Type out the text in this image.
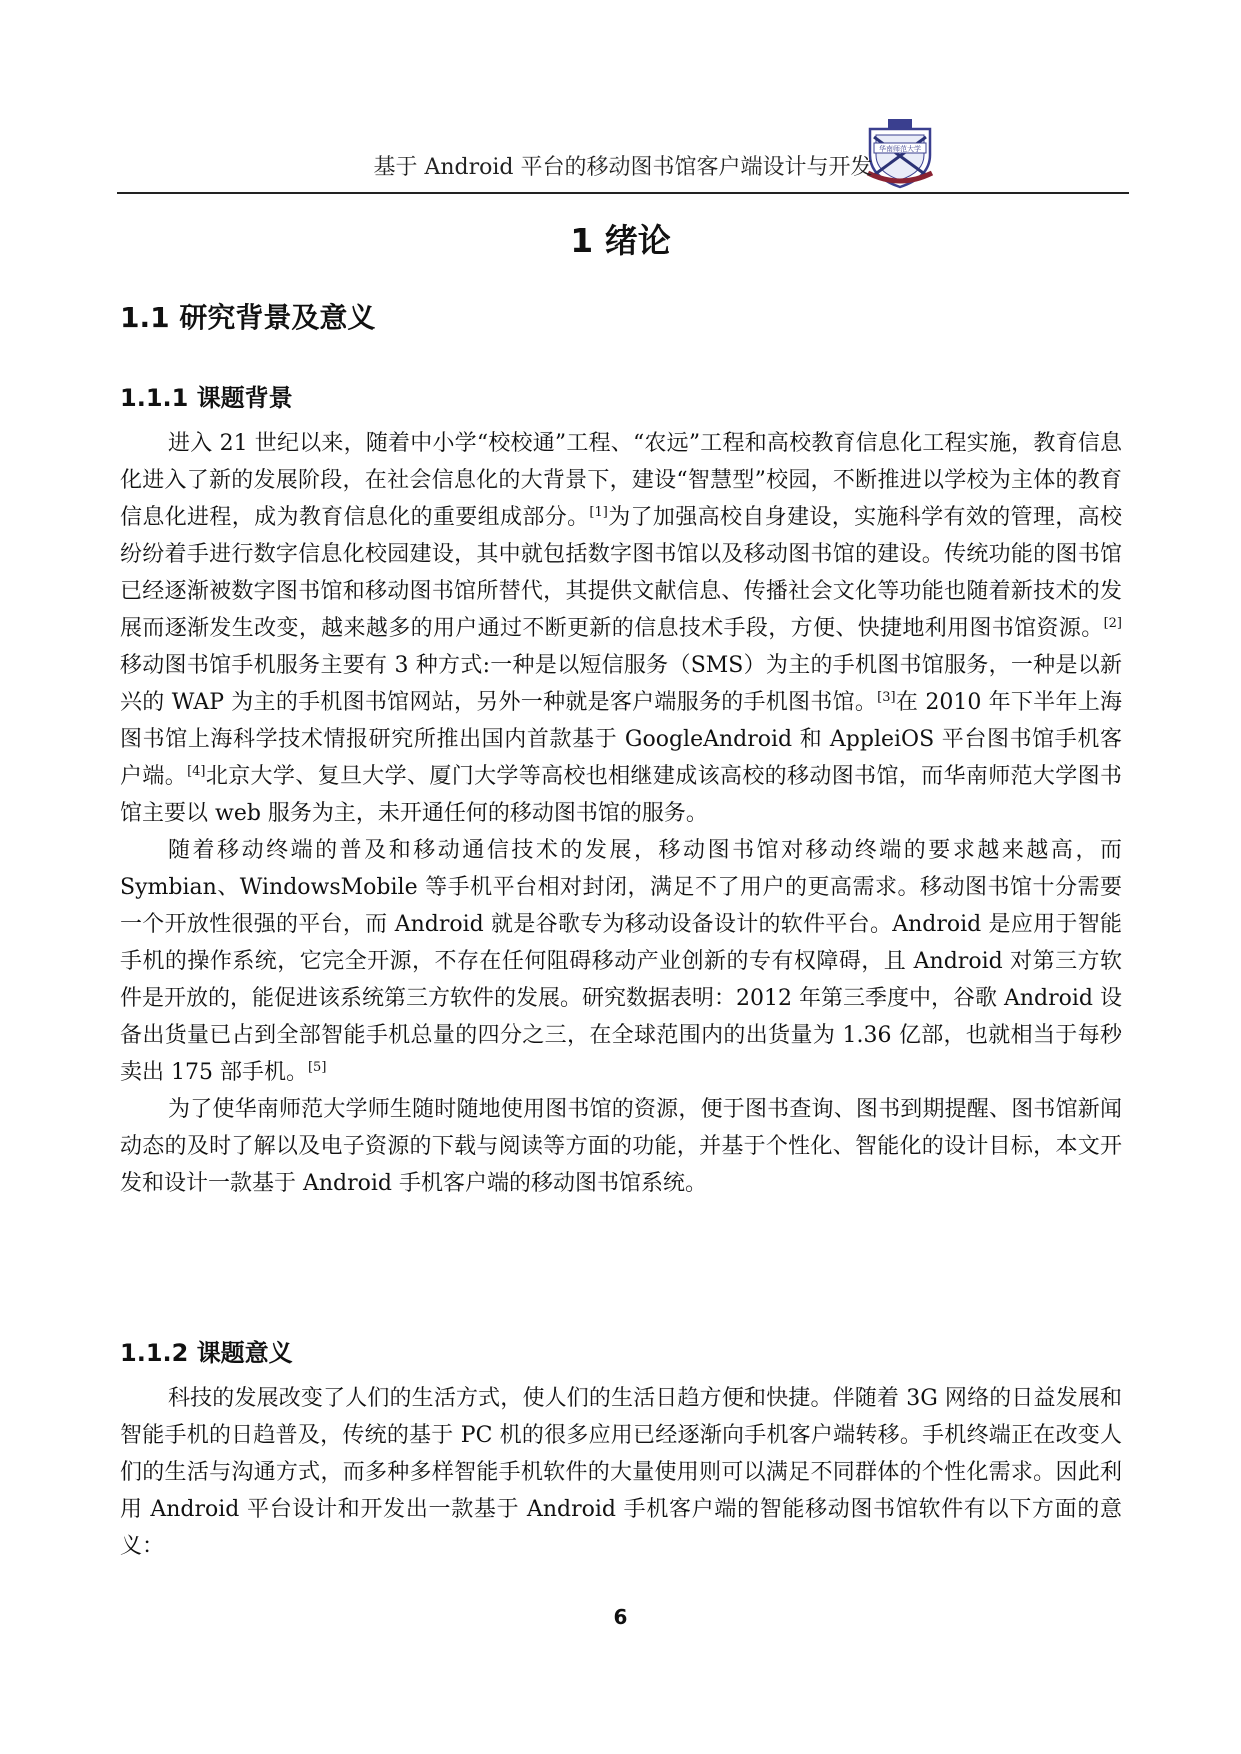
华南师范大学
基于 Android 平台的移动图书馆客户端设计与开发
1 绪论
1.1 研究背景及意义
1.1.1 课题背景

进入 21 世纪以来，随着中小学“校校通”工程、“农远”工程和高校教育信息化工程实施，教育信息化进入了新的发展阶段，在社会信息化的大背景下，建设“智慧型”校园，不断推进以学校为主体的教育信息化进程，成为教育信息化的重要组成部分。[1]为了加强高校自身建设，实施科学有效的管理，高校纷纷着手进行数字信息化校园建设，其中就包括数字图书馆以及移动图书馆的建设。传统功能的图书馆已经逐渐被数字图书馆和移动图书馆所替代，其提供文献信息、传播社会文化等功能也随着新技术的发展而逐渐发生改变，越来越多的用户通过不断更新的信息技术手段，方便、快捷地利用图书馆资源。[2]移动图书馆手机服务主要有 3 种方式:一种是以短信服务（SMS）为主的手机图书馆服务，一种是以新兴的 WAP 为主的手机图书馆网站，另外一种就是客户端服务的手机图书馆。[3]在 2010 年下半年上海图书馆上海科学技术情报研究所推出国内首款基于 GoogleAndroid 和 AppleiOS 平台图书馆手机客户端。[4]北京大学、复旦大学、厦门大学等高校也相继建成该高校的移动图书馆，而华南师范大学图书馆主要以 web 服务为主，未开通任何的移动图书馆的服务。

随着移动终端的普及和移动通信技术的发展，移动图书馆对移动终端的要求越来越高，而 Symbian、WindowsMobile 等手机平台相对封闭，满足不了用户的更高需求。移动图书馆十分需要一个开放性很强的平台，而 Android 就是谷歌专为移动设备设计的软件平台。Android 是应用于智能手机的操作系统，它完全开源，不存在任何阻碍移动产业创新的专有权障碍，且 Android 对第三方软件是开放的，能促进该系统第三方软件的发展。研究数据表明：2012 年第三季度中，谷歌 Android 设备出货量已占到全部智能手机总量的四分之三，在全球范围内的出货量为 1.36 亿部，也就相当于每秒卖出 175 部手机。[5]

为了使华南师范大学师生随时随地使用图书馆的资源，便于图书查询、图书到期提醒、图书馆新闻动态的及时了解以及电子资源的下载与阅读等方面的功能，并基于个性化、智能化的设计目标，本文开发和设计一款基于 Android 手机客户端的移动图书馆系统。

1.1.2 课题意义

科技的发展改变了人们的生活方式，使人们的生活日趋方便和快捷。伴随着 3G 网络的日益发展和智能手机的日趋普及，传统的基于 PC 机的很多应用已经逐渐向手机客户端转移。手机终端正在改变人们的生活与沟通方式，而多种多样智能手机软件的大量使用则可以满足不同群体的个性化需求。因此利用 Android 平台设计和开发出一款基于 Android 手机客户端的智能移动图书馆软件有以下方面的意义：

6
